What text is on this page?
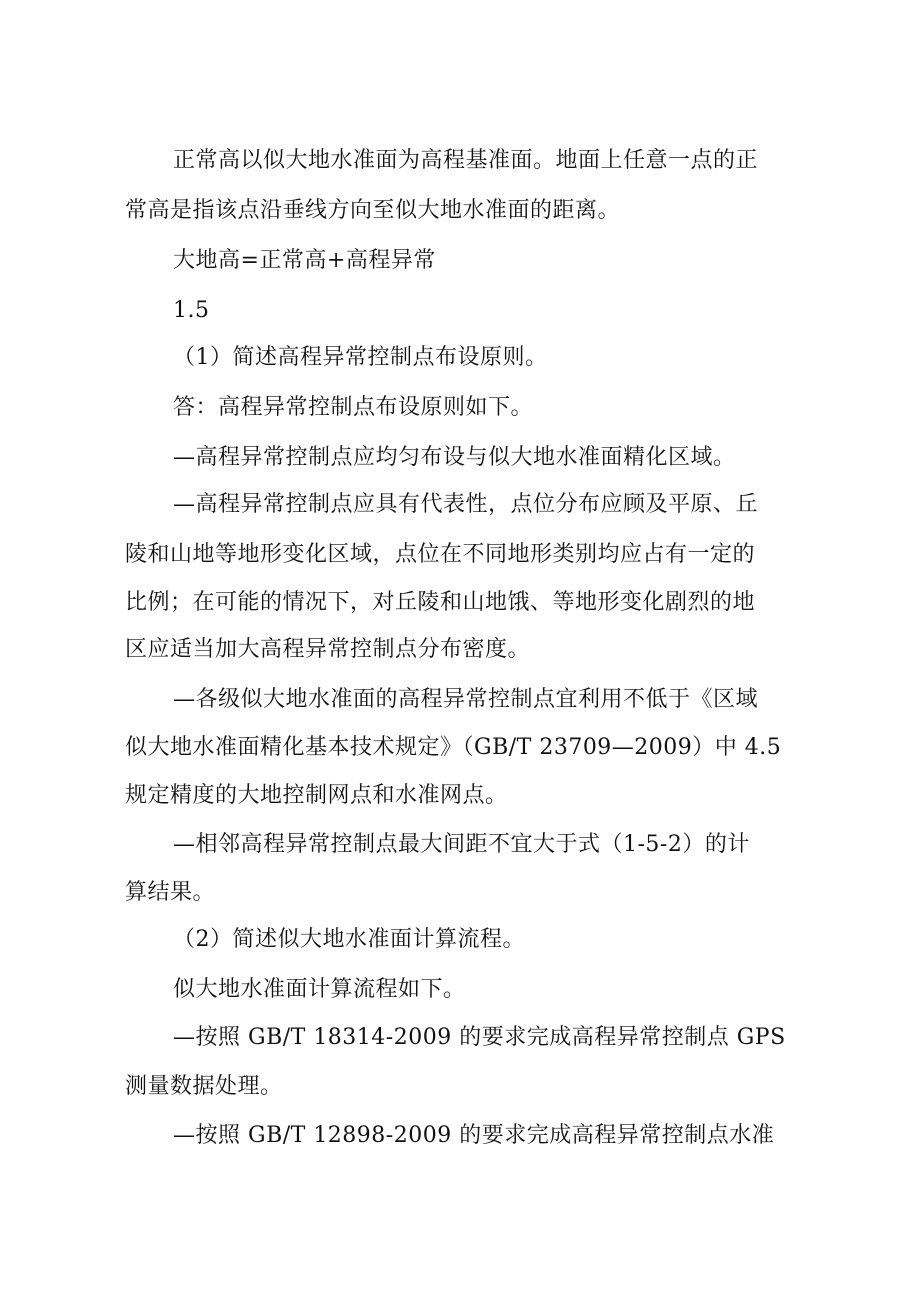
正常高以似大地水准面为高程基准面。地面上任意一点的正
常高是指该点沿垂线方向至似大地水准面的距离。
大地高=正常高+高程异常
1.5
（1）简述高程异常控制点布设原则。
答：高程异常控制点布设原则如下。
—高程异常控制点应均匀布设与似大地水准面精化区域。
—高程异常控制点应具有代表性，点位分布应顾及平原、丘
陵和山地等地形变化区域，点位在不同地形类别均应占有一定的
比例；在可能的情况下，对丘陵和山地饿、等地形变化剧烈的地
区应适当加大高程异常控制点分布密度。
—各级似大地水准面的高程异常控制点宜利用不低于《区域
似大地水准面精化基本技术规定》（GB/T 23709—2009）中 4.5
规定精度的大地控制网点和水准网点。
—相邻高程异常控制点最大间距不宜大于式（1-5-2）的计
算结果。
（2）简述似大地水准面计算流程。
似大地水准面计算流程如下。
—按照 GB/T 18314-2009 的要求完成高程异常控制点 GPS
测量数据处理。
—按照 GB/T 12898-2009 的要求完成高程异常控制点水准
